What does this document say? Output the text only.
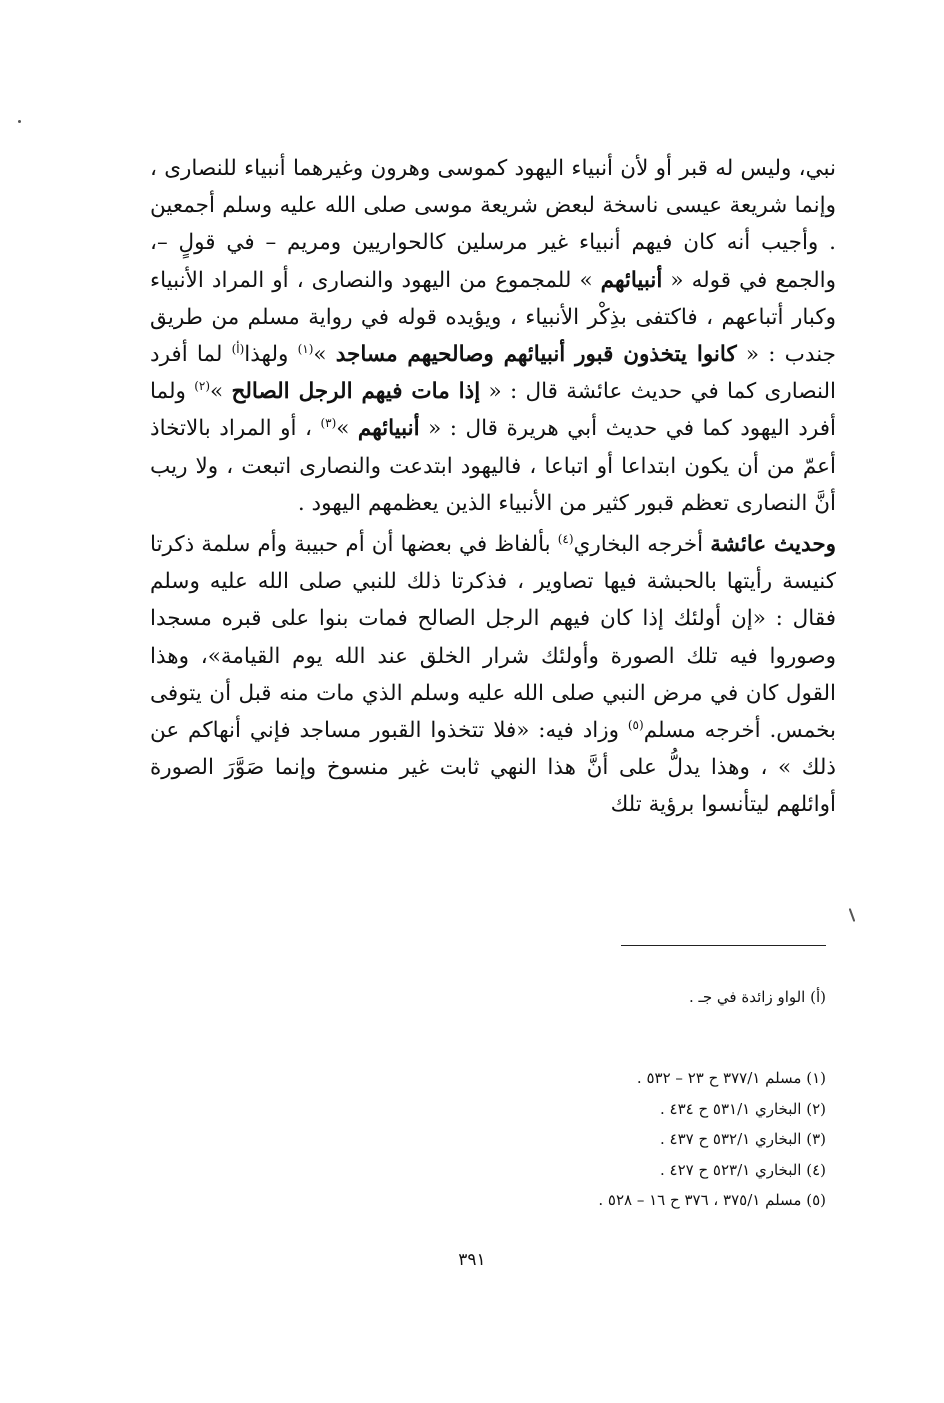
نبي، وليس له قبر أو لأن أنبياء اليهود كموسى وهرون وغيرهما أنبياء للنصارى ، وإنما شريعة عيسى ناسخة لبعض شريعة موسى صلى الله عليه وسلم أجمعين . وأجيب أنه كان فيهم أنبياء غير مرسلين كالحواريين ومريم – في قولٍ –، والجمع في قوله « أنبيائهم » للمجموع من اليهود والنصارى ، أو المراد الأنبياء وكبار أتباعهم ، فاكتفى بذِكْر الأنبياء ، ويؤيده قوله في رواية مسلم من طريق جندب : « كانوا يتخذون قبور أنبيائهم وصالحيهم مساجد »$^{(١)}$ ولهذا$^{(أ)}$ لما أفرد النصارى كما في حديث عائشة قال : « إذا مات فيهم الرجل الصالح »$^{(٢)}$ ولما أفرد اليهود كما في حديث أبي هريرة قال : « أنبيائهم »$^{(٣)}$ ، أو المراد بالاتخاذ أعمّ من أن يكون ابتداعا أو اتباعا ، فاليهود ابتدعت والنصارى اتبعت ، ولا ريب أنَّ النصارى تعظم قبور كثير من الأنبياء الذين يعظمهم اليهود .

وحديث عائشة أخرجه البخاري$^{(٤)}$ بألفاظ في بعضها أن أم حبيبة وأم سلمة ذكرتا كنيسة رأيتها بالحبشة فيها تصاوير ، فذكرتا ذلك للنبي صلى الله عليه وسلم فقال : «إن أولئك إذا كان فيهم الرجل الصالح فمات بنوا على قبره مسجدا وصوروا فيه تلك الصورة وأولئك شرار الخلق عند الله يوم القيامة»، وهذا القول كان في مرض النبي صلى الله عليه وسلم الذي مات منه قبل أن يتوفى بخمس. أخرجه مسلم$^{(٥)}$ وزاد فيه: «فلا تتخذوا القبور مساجد فإني أنهاكم عن ذلك » ، وهذا يدلُّ على أنَّ هذا النهي ثابت غير منسوخ وإنما صَوَّرَ الصورة أوائلهم ليتأنسوا برؤية تلك

(أ) الواو زائدة في جـ .
(١) مسلم ٣٧٧/١ ح ٢٣ – ٥٣٢ .
(٢) البخاري ٥٣١/١ ح ٤٣٤ .
(٣) البخاري ٥٣٢/١ ح ٤٣٧ .
(٤) البخاري ٥٢٣/١ ح ٤٢٧ .
(٥) مسلم ٣٧٥/١ ، ٣٧٦ ح ١٦ – ٥٢٨ .
٣٩١
